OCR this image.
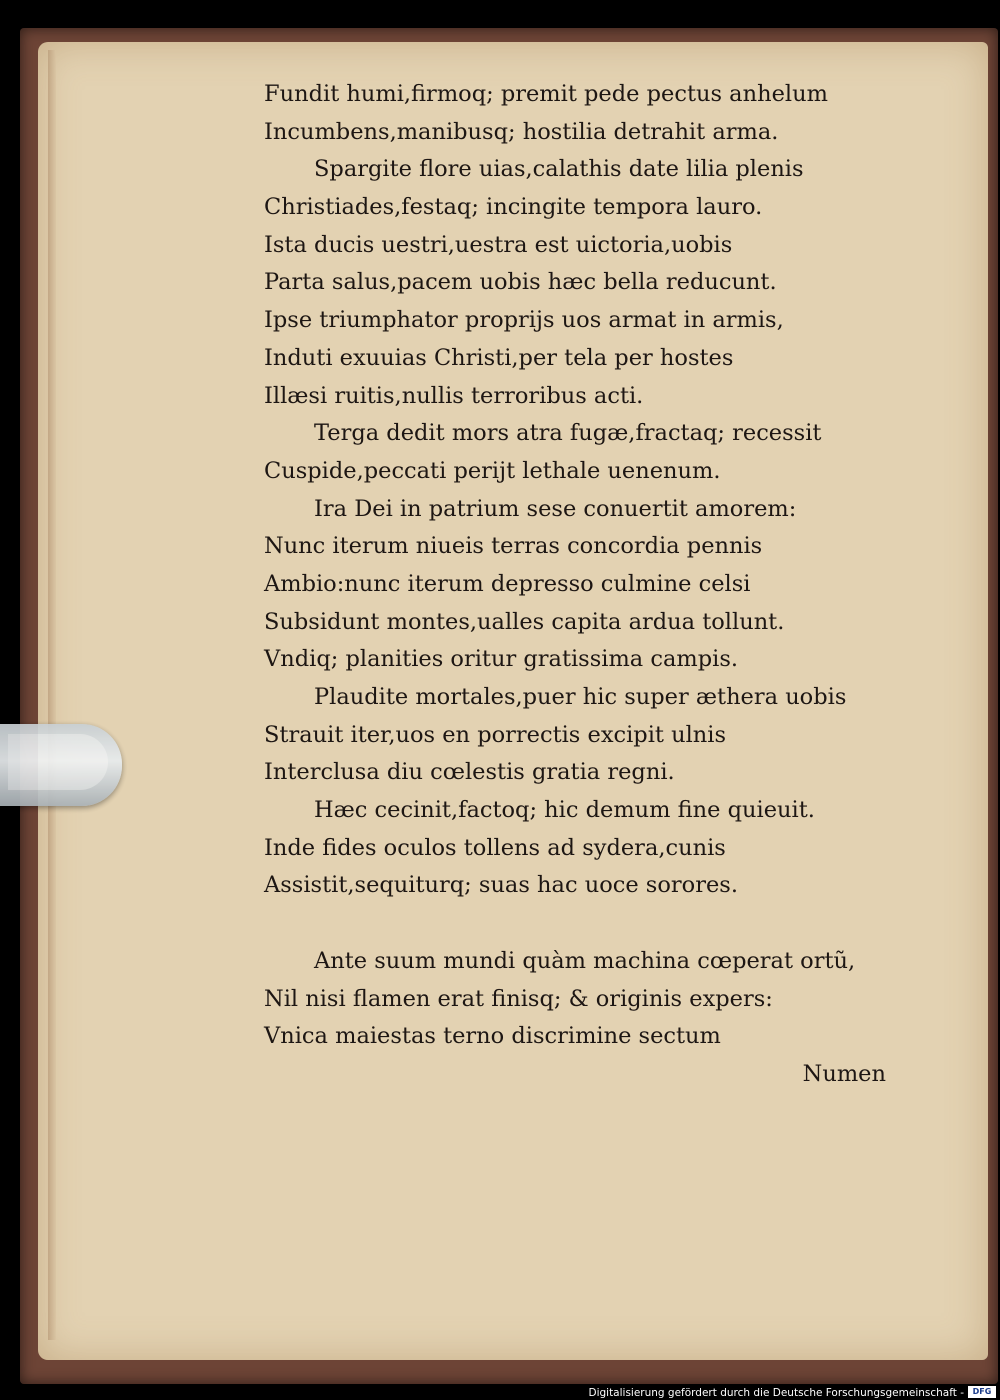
Fundit humi,firmoq; premit pede pectus anhelum
Incumbens,manibusq; hostilia detrahit arma.
Spargite flore uias,calathis date lilia plenis
Christiades,festaq; incingite tempora lauro.
Ista ducis uestri,uestra est uictoria,uobis
Parta salus,pacem uobis hæc bella reducunt.
Ipse triumphator proprijs uos armat in armis,
Induti exuuias Christi,per tela per hostes
Illæsi ruitis,nullis terroribus acti.
Terga dedit mors atra fugæ,fractaq; recessit
Cuspide,peccati perijt lethale uenenum.
Ira Dei in patrium sese conuertit amorem:
Nunc iterum niueis terras concordia pennis
Ambio:nunc iterum depresso culmine celsi
Subsidunt montes,ualles capita ardua tollunt.
Vndiq; planities oritur gratissima campis.
Plaudite mortales,puer hic super æthera uobis
Strauit iter,uos en porrectis excipit ulnis
Interclusa diu cœlestis gratia regni.
Hæc cecinit,factoq; hic demum fine quieuit.
Inde fides oculos tollens ad sydera,cunis
Assistit,sequiturq; suas hac uoce sorores.
Ante suum mundi quàm machina cœperat ortũ,
Nil nisi flamen erat finisq; & originis expers:
Vnica maiestas terno discrimine sectum
Numen
Digitalisierung gefördert durch die Deutsche Forschungsgemeinschaft -	DFG
